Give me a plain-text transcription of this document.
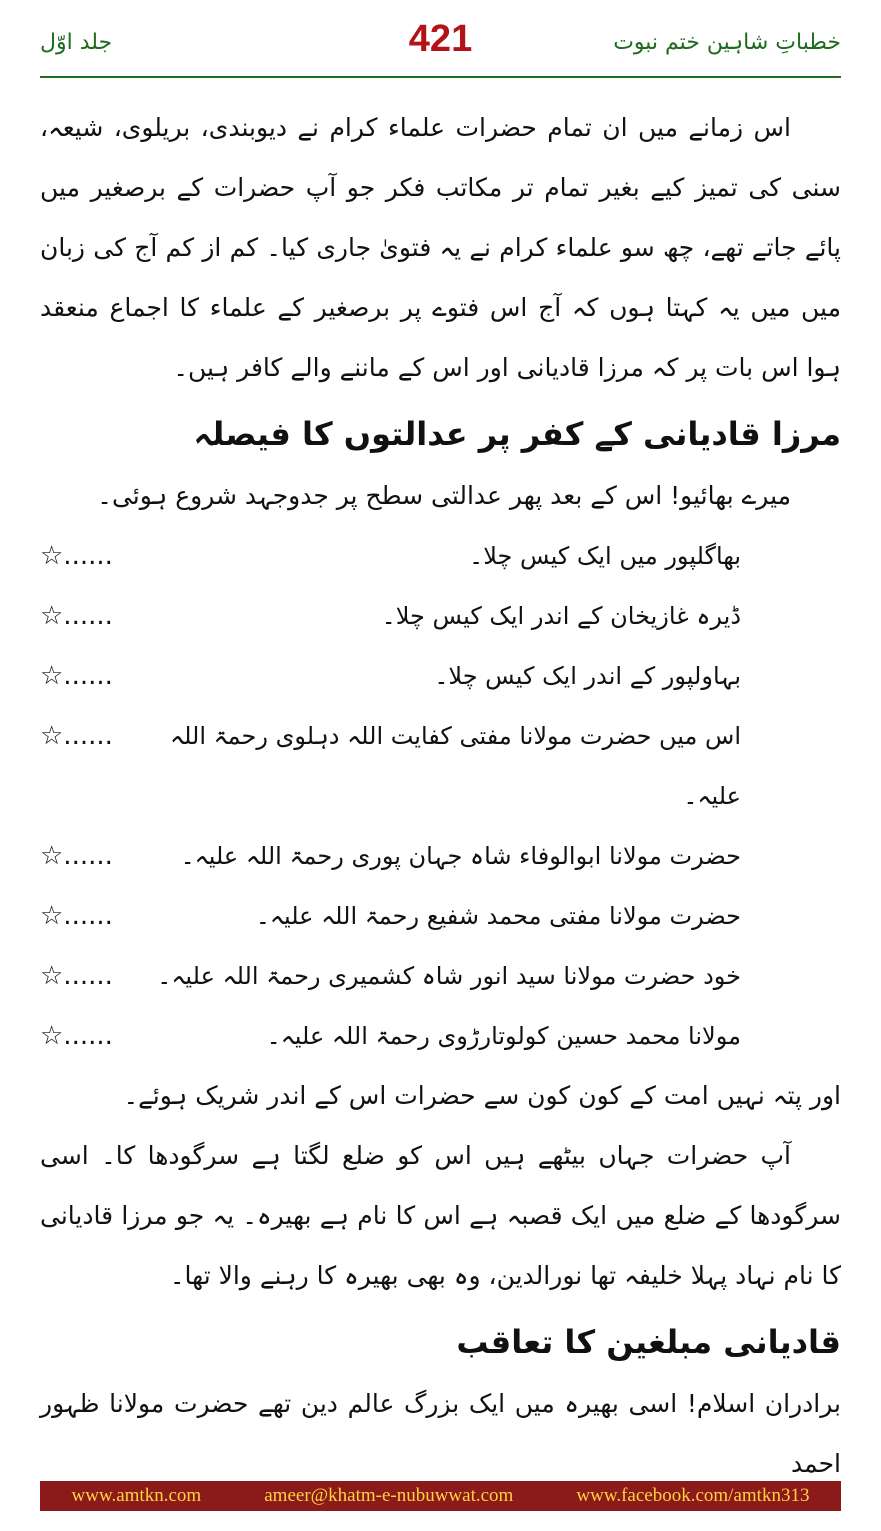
جلد اوّل	421	خطباتِ شاہین ختم نبوت

اس زمانے میں ان تمام حضرات علماء کرام نے دیوبندی، بریلوی، شیعہ، سنی کی تمیز کیے بغیر تمام تر مکاتب فکر جو آپ حضرات کے برصغیر میں پائے جاتے تھے، چھ سو علماء کرام نے یہ فتویٰ جاری کیا۔ کم از کم آج کی زبان میں میں یہ کہتا ہوں کہ آج اس فتوے پر برصغیر کے علماء کا اجماع منعقد ہوا اس بات پر کہ مرزا قادیانی اور اس کے ماننے والے کافر ہیں۔

مرزا قادیانی کے کفر پر عدالتوں کا فیصلہ

میرے بھائیو! اس کے بعد پھر عدالتی سطح پر جدوجہد شروع ہوئی۔

بھاگلپور میں ایک کیس چلا۔
☆......
ڈیرہ غازیخان کے اندر ایک کیس چلا۔
☆......
بہاولپور کے اندر ایک کیس چلا۔
☆......
اس میں حضرت مولانا مفتی کفایت اللہ دہلوی رحمۃ اللہ علیہ۔
☆......
حضرت مولانا ابوالوفاء شاہ جہان پوری رحمۃ اللہ علیہ۔
☆......
حضرت مولانا مفتی محمد شفیع رحمۃ اللہ علیہ۔
☆......
خود حضرت مولانا سید انور شاہ کشمیری رحمۃ اللہ علیہ۔
☆......
مولانا محمد حسین کولوتارڑوی رحمۃ اللہ علیہ۔
☆......

اور پتہ نہیں امت کے کون کون سے حضرات اس کے اندر شریک ہوئے۔

آپ حضرات جہاں بیٹھے ہیں اس کو ضلع لگتا ہے سرگودھا کا۔ اسی سرگودھا کے ضلع میں ایک قصبہ ہے اس کا نام ہے بھیرہ۔ یہ جو مرزا قادیانی کا نام نہاد پہلا خلیفہ تھا نورالدین، وہ بھی بھیرہ کا رہنے والا تھا۔

قادیانی مبلغین کا تعاقب

برادران اسلام! اسی بھیرہ میں ایک بزرگ عالم دین تھے حضرت مولانا ظہور احمد

www.amtkn.com	ameer@khatm-e-nubuwwat.com	www.facebook.com/amtkn313
